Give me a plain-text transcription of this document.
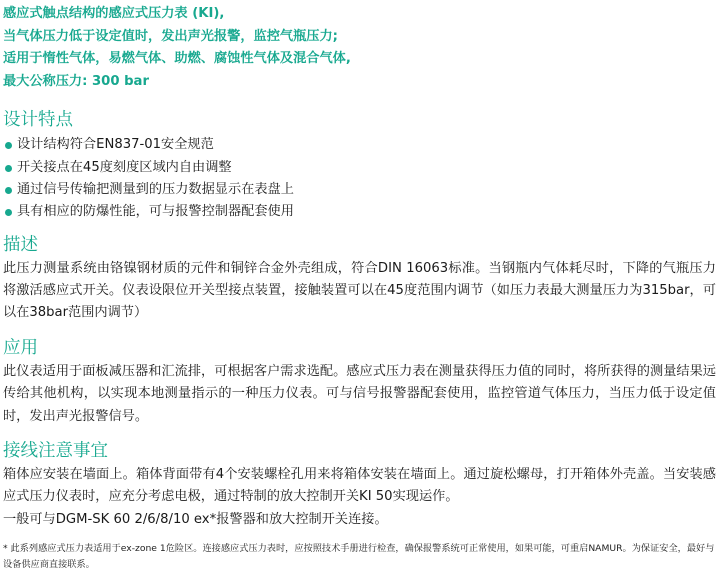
感应式触点结构的感应式压力表 (KI),
当气体压力低于设定值时，发出声光报警，监控气瓶压力;
适用于惰性气体，易燃气体、助燃、腐蚀性气体及混合气体,
最大公称压力: 300 bar
设计特点
设计结构符合EN837-01安全规范
开关接点在45度刻度区域内自由调整
通过信号传输把测量到的压力数据显示在表盘上
具有相应的防爆性能，可与报警控制器配套使用
描述

此压力测量系统由铬镍钢材质的元件和铜锌合金外壳组成，符合DIN 16063标准。当钢瓶内气体耗尽时，下降的气瓶压力将激活感应式开关。仪表设限位开关型接点装置，接触装置可以在45度范围内调节（如压力表最大测量压力为315bar，可以在38bar范围内调节）

应用

此仪表适用于面板减压器和汇流排，可根据客户需求选配。感应式压力表在测量获得压力值的同时，将所获得的测量结果远传给其他机构，以实现本地测量指示的一种压力仪表。可与信号报警器配套使用，监控管道气体压力，当压力低于设定值时，发出声光报警信号。

接线注意事宜

箱体应安装在墙面上。箱体背面带有4个安装螺栓孔用来将箱体安装在墙面上。通过旋松螺母，打开箱体外壳盖。当安装感应式压力仪表时，应充分考虑电极，通过特制的放大控制开关KI 50实现运作。

一般可与DGM-SK 60 2/6/8/10 ex*报警器和放大控制开关连接。

* 此系列感应式压力表适用于ex-zone 1危险区。连接感应式压力表时，应按照技术手册进行检查，确保报警系统可正常使用，如果可能，可重启NAMUR。为保证安全，最好与设备供应商直接联系。
